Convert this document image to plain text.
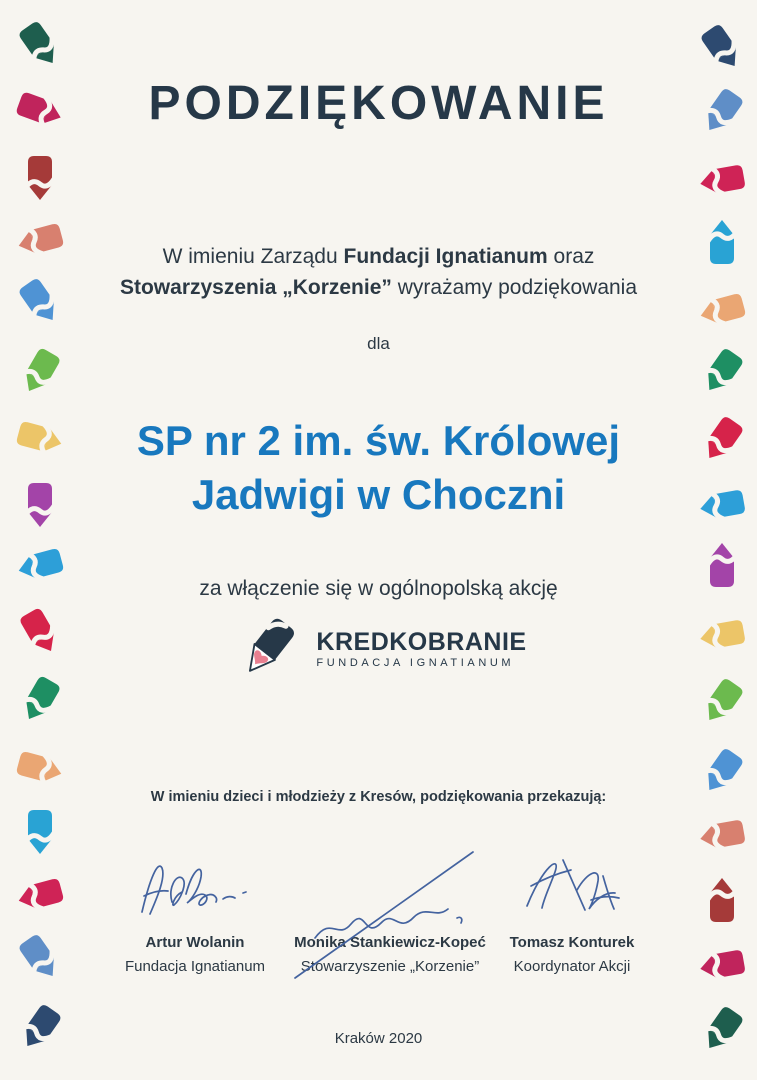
PODZIĘKOWANIE

W imieniu Zarządu Fundacji Ignatianum oraz
Stowarzyszenia „Korzenie” wyrażamy podziękowania

dla
SP nr 2 im. św. Królowej
Jadwigi w Choczni
za włączenie się w ogólnopolską akcję
KREDKOBRANIE
FUNDACJA IGNATIANUM
W imieniu dzieci i młodzieży z Kresów, podziękowania przekazują:
Artur Wolanin
Fundacja Ignatianum
Monika Stankiewicz-Kopeć
Stowarzyszenie „Korzenie”
Tomasz Konturek
Koordynator Akcji
Kraków 2020
